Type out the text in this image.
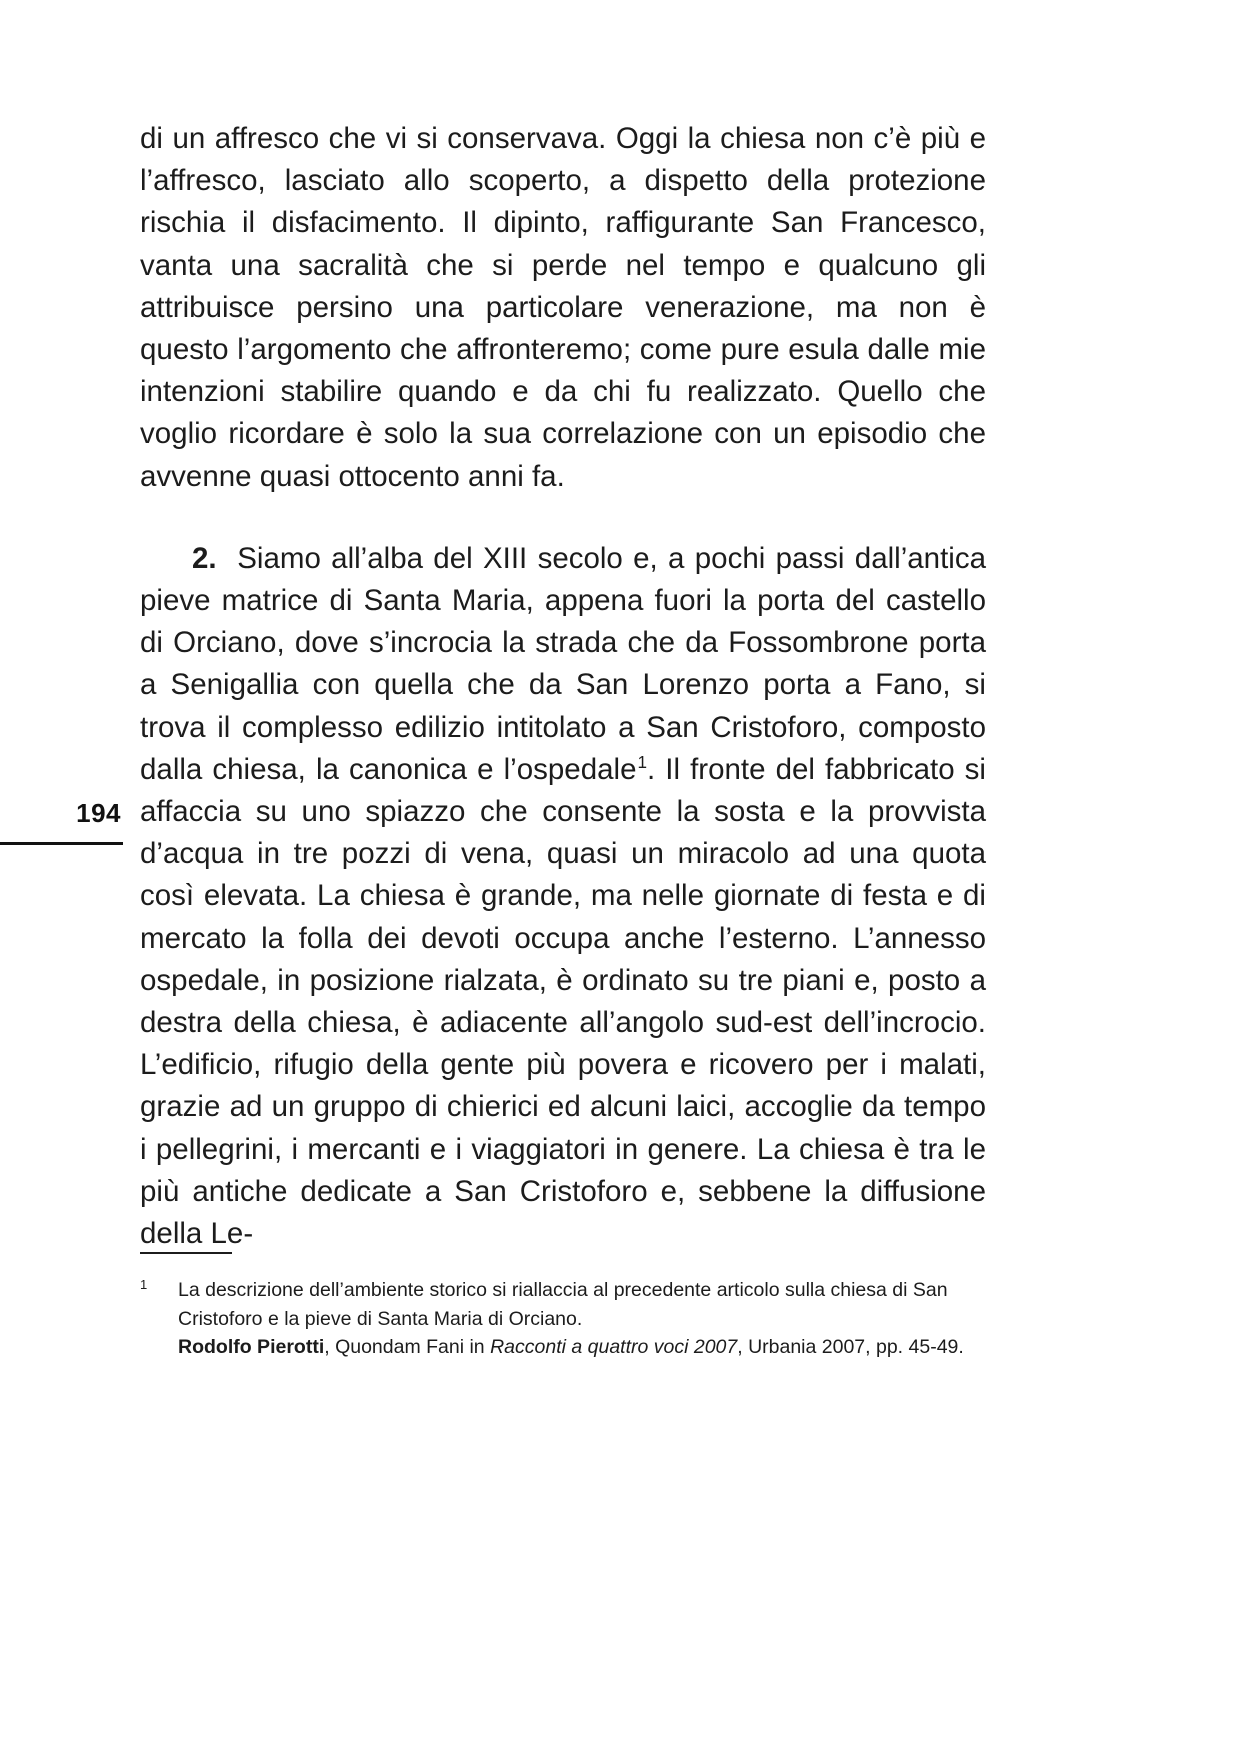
194

di un affresco che vi si conservava. Oggi la chiesa non c’è più e l’affresco, lasciato allo scoperto, a dispetto della protezione rischia il disfacimento. Il dipinto, raffigurante San Francesco, vanta una sacralità che si perde nel tempo e qualcuno gli attribuisce persino una particolare venerazione, ma non è questo l’argomento che affronteremo; come pure esula dalle mie intenzioni stabilire quando e da chi fu realizzato. Quello che voglio ricordare è solo la sua correlazione con un episodio che avvenne quasi ottocento anni fa.

2. Siamo all’alba del XIII secolo e, a pochi passi dall’antica pieve matrice di Santa Maria, appena fuori la porta del castello di Orciano, dove s’incrocia la strada che da Fossombrone porta a Senigallia con quella che da San Lorenzo porta a Fano, si trova il complesso edilizio intitolato a San Cristoforo, composto dalla chiesa, la canonica e l’ospedale$^1$. Il fronte del fabbricato si affaccia su uno spiazzo che consente la sosta e la provvista d’acqua in tre pozzi di vena, quasi un miracolo ad una quota così elevata. La chiesa è grande, ma nelle giornate di festa e di mercato la folla dei devoti occupa anche l’esterno. L’annesso ospedale, in posizione rialzata, è ordinato su tre piani e, posto a destra della chiesa, è adiacente all’angolo sud-est dell’incrocio. L’edificio, rifugio della gente più povera e ricovero per i malati, grazie ad un gruppo di chierici ed alcuni laici, accoglie da tempo i pellegrini, i mercanti e i viaggiatori in genere. La chiesa è tra le più antiche dedicate a San Cristoforo e, sebbene la diffusione della Le-

1	La descrizione dell’ambiente storico si riallaccia al precedente articolo sulla chiesa di San Cristoforo e la pieve di Santa Maria di Orciano.
Rodolfo Pierotti, Quondam Fani in Racconti a quattro voci 2007, Urbania 2007, pp. 45-49.
